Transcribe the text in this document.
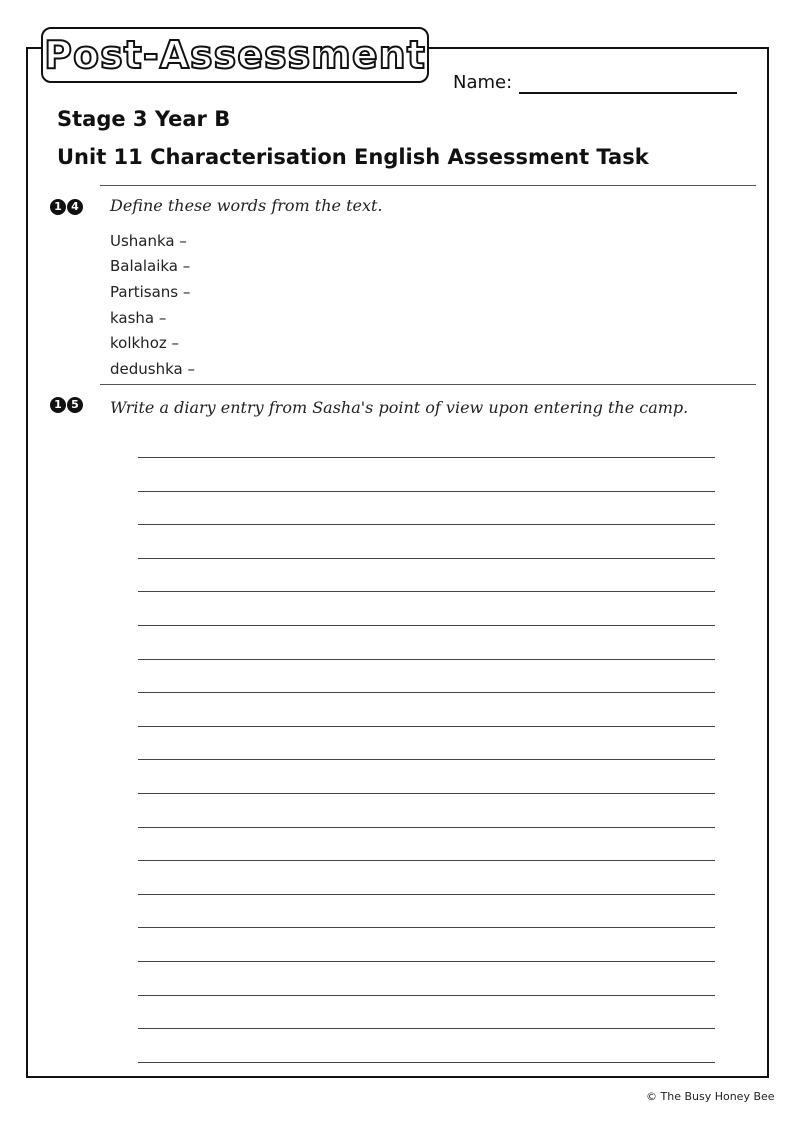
Post-Assessment
Name:
Stage 3 Year B
Unit 11 Characterisation English Assessment Task
1 4 Define these words from the text.
Ushanka –
Balalaika –
Partisans –
kasha –
kolkhoz –
dedushka –
1 5 Write a diary entry from Sasha's point of view upon entering the camp.
© The Busy Honey Bee
